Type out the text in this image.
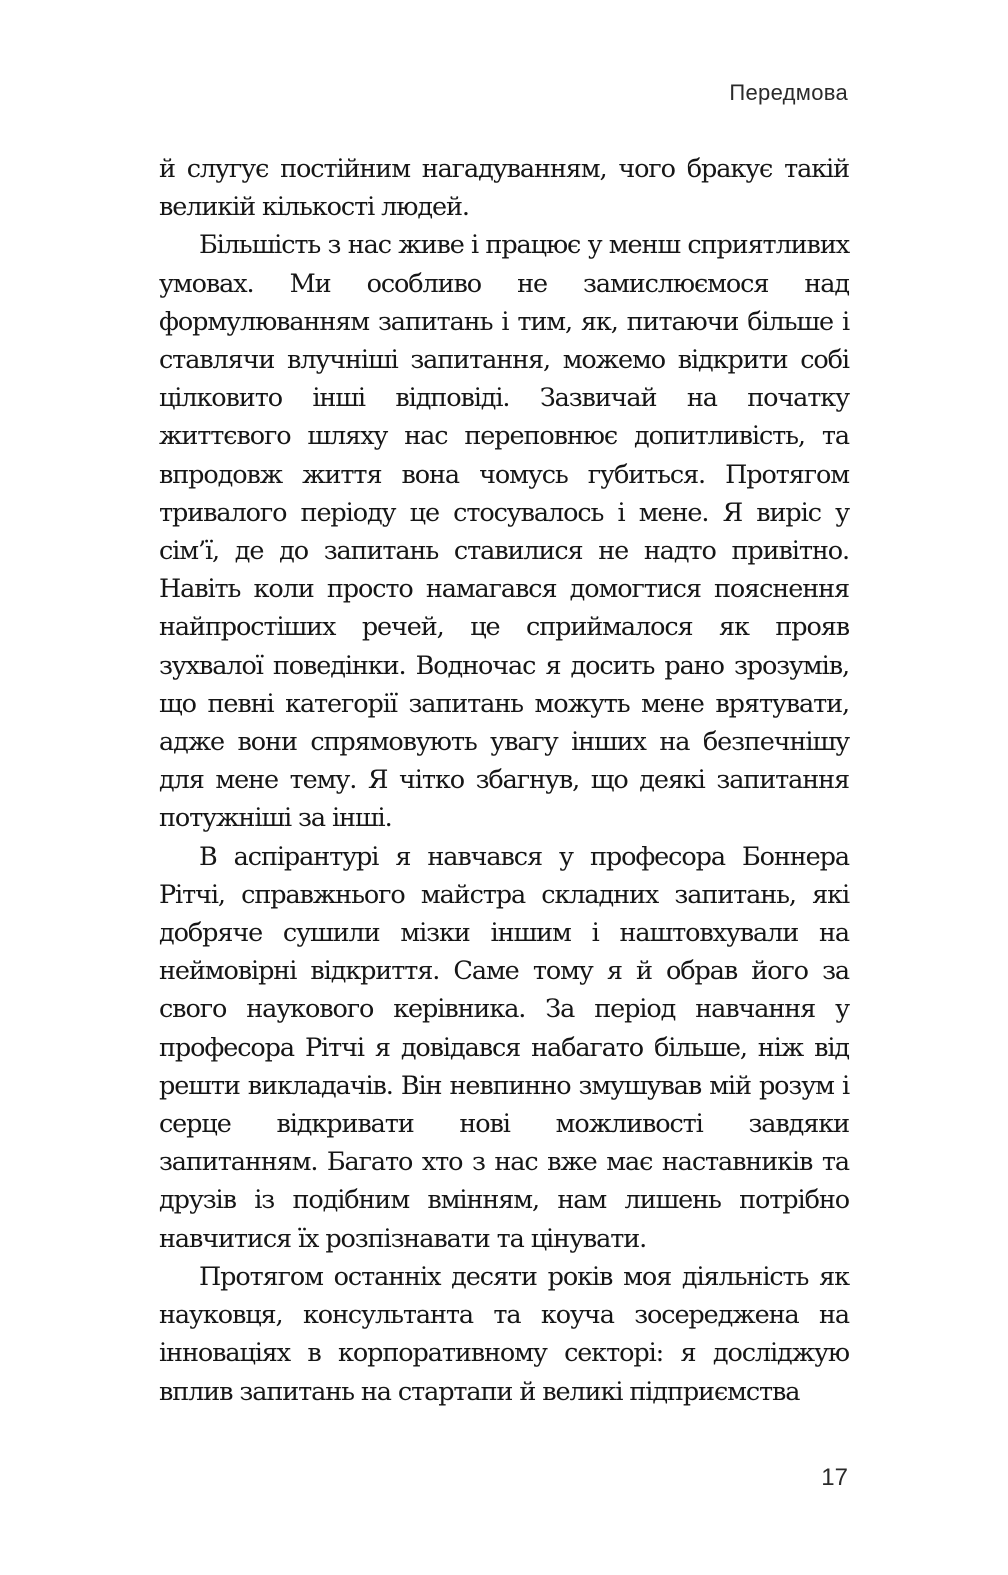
Передмова

й слугує постійним нагадуванням, чого бракує такій великій кількості людей.

Більшість з нас живе і працює у менш сприятливих умовах. Ми особливо не замислюємося над формулюванням запитань і тим, як, питаючи більше і ставлячи влучніші запитання, можемо відкрити собі цілковито інші відповіді. Зазвичай на початку життєвого шляху нас переповнює допитливість, та впродовж життя вона чомусь губиться. Протягом тривалого періоду це стосувалось і мене. Я виріс у сім’ї, де до запитань ставилися не надто привітно. Навіть коли просто намагався домогтися пояснення найпростіших речей, це сприймалося як прояв зухвалої поведінки. Водночас я досить рано зрозумів, що певні категорії запитань можуть мене врятувати, адже вони спрямовують увагу інших на безпечнішу для мене тему. Я чітко збагнув, що деякі запитання потужніші за інші.

В аспірантурі я навчався у професора Боннера Рітчі, справжнього майстра складних запитань, які добряче сушили мізки іншим і наштовхували на неймовірні відкриття. Саме тому я й обрав його за свого наукового керівника. За період навчання у професора Рітчі я довідався набагато більше, ніж від решти викладачів. Він невпинно змушував мій розум і серце відкривати нові можливості завдяки запитанням. Багато хто з нас вже має наставників та друзів із подібним вмінням, нам лишень потрібно навчитися їх розпізнавати та цінувати.

Протягом останніх десяти років моя діяльність як науковця, консультанта та коуча зосереджена на інноваціях в корпоративному секторі: я досліджую вплив запитань на стартапи й великі підприємства

17
